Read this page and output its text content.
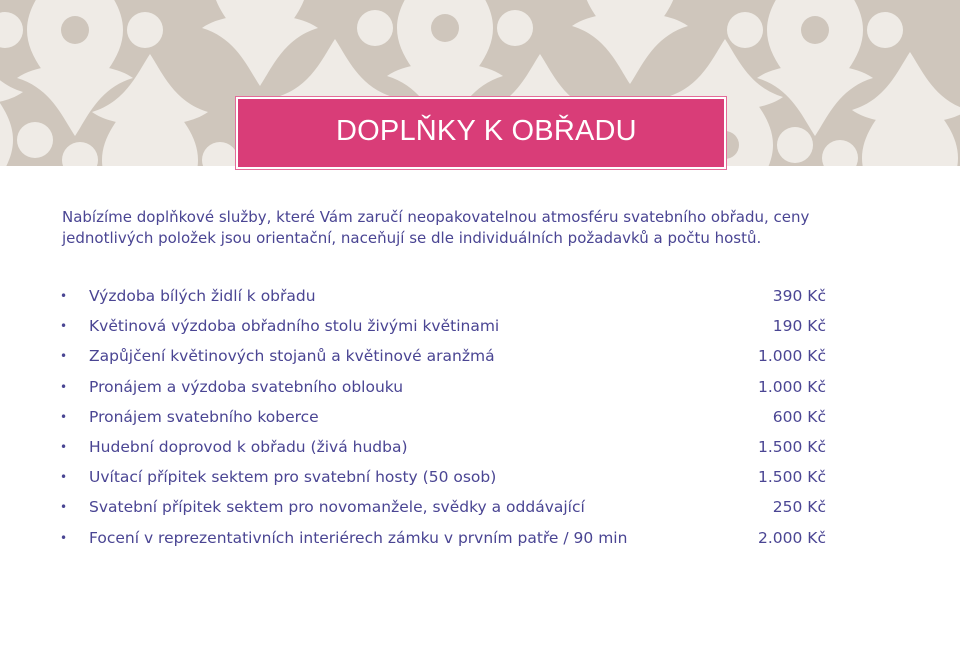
DOPLŇKY K OBŘADU

Nabízíme doplňkové služby, které Vám zaručí neopakovatelnou atmosféru svatebního obřadu, ceny jednotlivých položek jsou orientační, naceňují se dle individuálních požadavků a počtu hostů.

• Výzdoba bílých židlí k obřadu	390 Kč
• Květinová výzdoba obřadního stolu živými květinami	190 Kč
• Zapůjčení květinových stojanů a květinové aranžmá	1.000 Kč
• Pronájem a výzdoba svatebního oblouku	1.000 Kč
• Pronájem svatebního koberce	600 Kč
• Hudební doprovod k obřadu (živá hudba)	1.500 Kč
• Uvítací přípitek sektem pro svatební hosty (50 osob)	1.500 Kč
• Svatební přípitek sektem pro novomanžele, svědky a oddávající	250 Kč
• Focení v reprezentativních interiérech zámku v prvním patře / 90 min	2.000 Kč
